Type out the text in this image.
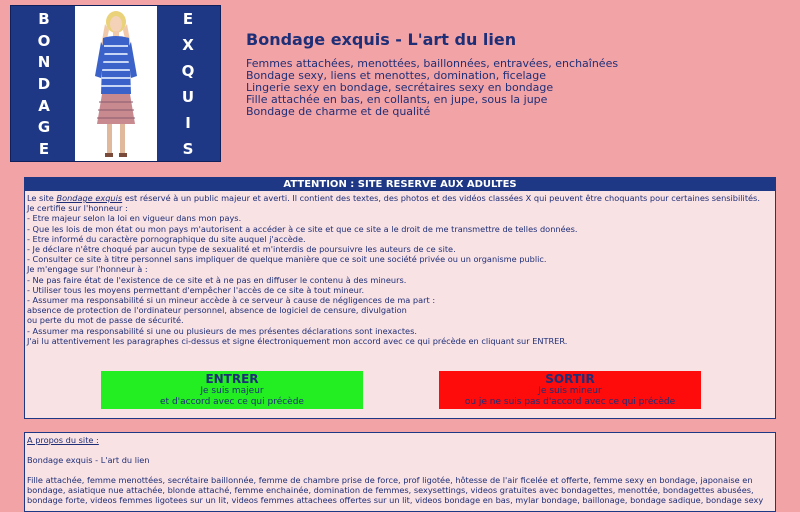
B
O
N
D
A
G
E
E
X
Q
U
I
S
Bondage exquis - L'art du lien
Femmes attachées, menottées, baillonnées, entravées, enchaînées
Bondage sexy, liens et menottes, domination, ficelage
Lingerie sexy en bondage, secrétaires sexy en bondage
Fille attachée en bas, en collants, en jupe, sous la jupe
Bondage de charme et de qualité
ATTENTION : SITE RESERVE AUX ADULTES
Le site Bondage exquis est réservé à un public majeur et averti. Il contient des textes, des photos et des vidéos classées X qui peuvent être choquants pour certaines sensibilités.
Je certifie sur l'honneur :
- Etre majeur selon la loi en vigueur dans mon pays.
- Que les lois de mon état ou mon pays m'autorisent a accéder à ce site et que ce site a le droit de me transmettre de telles données.
- Etre informé du caractère pornographique du site auquel j'accède.
- Je déclare n'être choqué par aucun type de sexualité et m'interdis de poursuivre les auteurs de ce site.
- Consulter ce site à titre personnel sans impliquer de quelque manière que ce soit une société privée ou un organisme public.
Je m'engage sur l'honneur à :
- Ne pas faire état de l'existence de ce site et à ne pas en diffuser le contenu à des mineurs.
- Utiliser tous les moyens permettant d'empêcher l'accès de ce site à tout mineur.
- Assumer ma responsabilité si un mineur accède à ce serveur à cause de négligences de ma part :
absence de protection de l'ordinateur personnel, absence de logiciel de censure, divulgation
ou perte du mot de passe de sécurité.
- Assumer ma responsabilité si une ou plusieurs de mes présentes déclarations sont inexactes.
J'ai lu attentivement les paragraphes ci-dessus et signe électroniquement mon accord avec ce qui précède en cliquant sur ENTRER.
ENTRER
Je suis majeur
et d'accord avec ce qui précède
SORTIR
Je suis mineur
ou je ne suis pas d'accord avec ce qui précède
A propos du site :
Bondage exquis - L'art du lien
Fille attachée, femme menottées, secrétaire baillonnée, femme de chambre prise de force, prof ligotée, hôtesse de l'air ficelée et offerte, femme sexy en bondage, japonaise en bondage, asiatique nue attachée, blonde attaché, femme enchainée, domination de femmes, sexysettings, videos gratuites avec bondagettes, menottée, bondagettes abusées, bondage forte, videos femmes ligotees sur un lit, videos femmes attachees offertes sur un lit, videos bondage en bas, mylar bondage, baillonage, bondage sadique, bondage sexy
